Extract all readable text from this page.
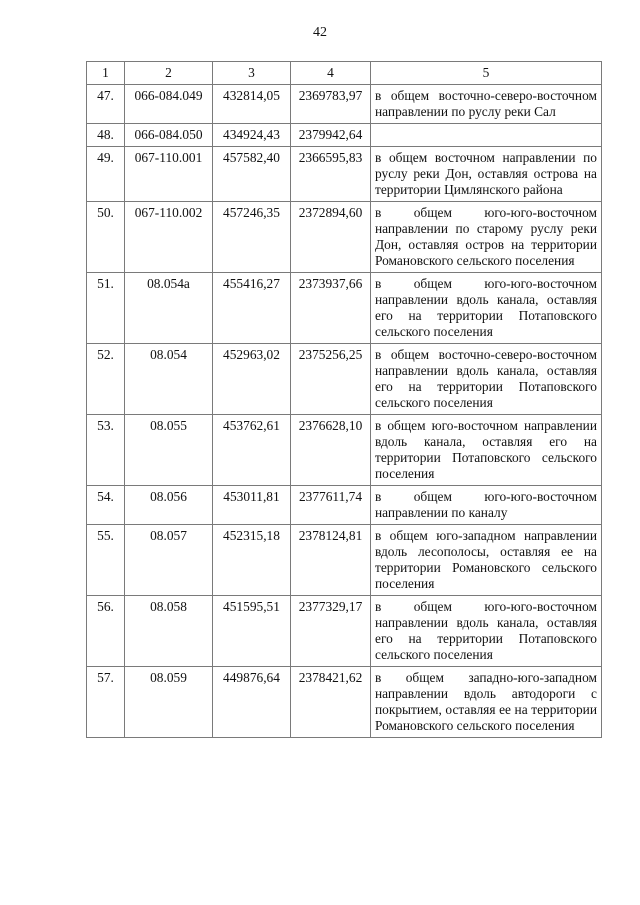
42
1	2	3	4	5
47.	066-084.049	432814,05	2369783,97	в общем восточно-северо-восточном направлении по руслу реки Сал
48.	066-084.050	434924,43	2379942,64	
49.	067-110.001	457582,40	2366595,83	в общем восточном направлении по руслу реки Дон, оставляя острова на территории Цимлянского района
50.	067-110.002	457246,35	2372894,60	в общем юго-юго-восточном направлении по старому руслу реки Дон, оставляя остров на территории Романовского сельского поселения
51.	08.054а	455416,27	2373937,66	в общем юго-юго-восточном направлении вдоль канала, оставляя его на территории Потаповского сельского поселения
52.	08.054	452963,02	2375256,25	в общем восточно-северо-восточном направлении вдоль канала, оставляя его на территории Потаповского сельского поселения
53.	08.055	453762,61	2376628,10	в общем юго-восточном направлении вдоль канала, оставляя его на территории Потаповского сельского поселения
54.	08.056	453011,81	2377611,74	в общем юго-юго-восточном направлении по каналу
55.	08.057	452315,18	2378124,81	в общем юго-западном направлении вдоль лесополосы, оставляя ее на территории Романовского сельского поселения
56.	08.058	451595,51	2377329,17	в общем юго-юго-восточном направлении вдоль канала, оставляя его на территории Потаповского сельского поселения
57.	08.059	449876,64	2378421,62	в общем западно-юго-западном направлении вдоль автодороги с покрытием, оставляя ее на территории Романовского сельского поселения
